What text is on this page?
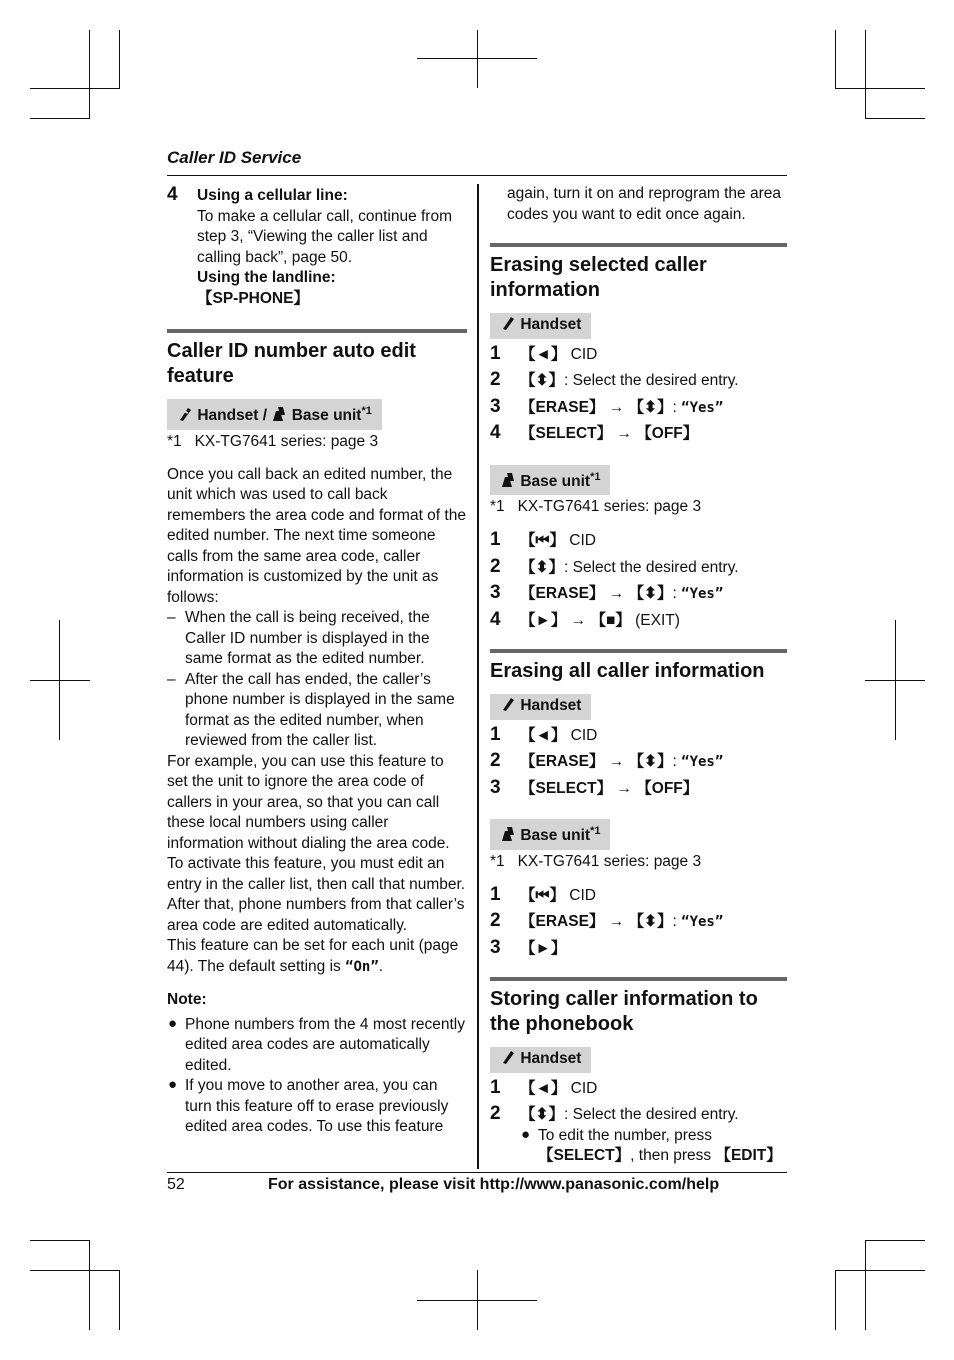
Caller ID Service
4 Using a cellular line:

To make a cellular call, continue from step 3, “Viewing the caller list and calling back”, page 50.

Using the landline:

【SP-PHONE】

Caller ID number auto edit feature
Handset / Base unit$^{*1}$

*1 KX-TG7641 series: page 3

Once you call back an edited number, the unit which was used to call back remembers the area code and format of the edited number. The next time someone calls from the same area code, caller information is customized by the unit as follows:

– When the call is being received, the Caller ID number is displayed in the same format as the edited number.
– After the call has ended, the caller’s phone number is displayed in the same format as the edited number, when reviewed from the caller list.

For example, you can use this feature to set the unit to ignore the area code of callers in your area, so that you can call these local numbers using caller information without dialing the area code. To activate this feature, you must edit an entry in the caller list, then call that number. After that, phone numbers from that caller’s area code are edited automatically.

This feature can be set for each unit (page 44). The default setting is “On”.

Note:

● Phone numbers from the 4 most recently edited area codes are automatically edited.
● If you move to another area, you can turn this feature off to erase previously edited area codes. To use this feature

again, turn it on and reprogram the area codes you want to edit once again.

Erasing selected caller information
Handset
1 【◄】 CID
2 【⬍】: Select the desired entry.
3 【ERASE】 → 【⬍】: “Yes”
4 【SELECT】 → 【OFF】
Base unit$^{*1}$

*1 KX-TG7641 series: page 3

1 【⏮】 CID
2 【⬍】: Select the desired entry.
3 【ERASE】 → 【⬍】: “Yes”
4 【►】 → 【■】 (EXIT)
Erasing all caller information
Handset
1 【◄】 CID
2 【ERASE】 → 【⬍】: “Yes”
3 【SELECT】 → 【OFF】
Base unit$^{*1}$

*1 KX-TG7641 series: page 3

1 【⏮】 CID
2 【ERASE】 → 【⬍】: “Yes”
3 【►】
Storing caller information to the phonebook
Handset
1 【◄】 CID
2 【⬍】: Select the desired entry.
● To edit the number, press 【SELECT】, then press 【EDIT】
52	For assistance, please visit http://www.panasonic.com/help
